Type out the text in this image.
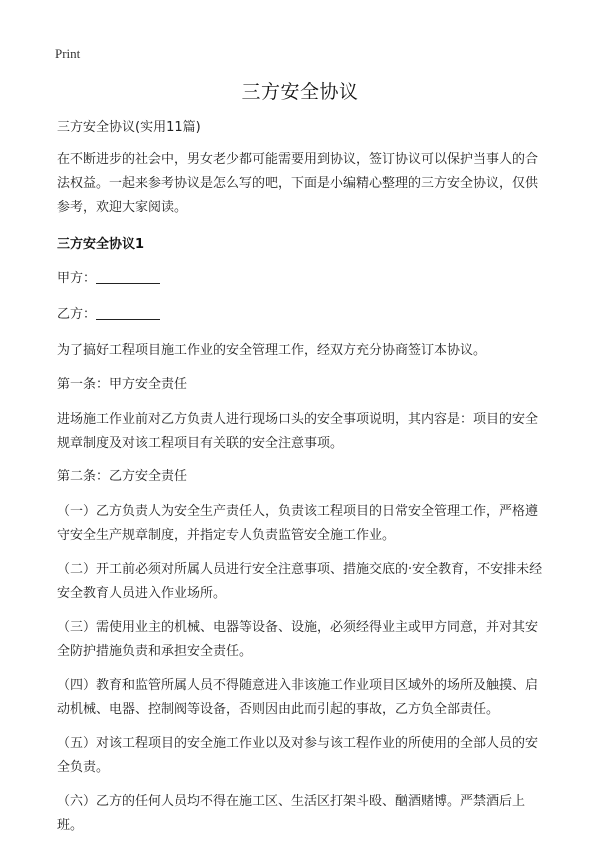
Print
三方安全协议

三方安全协议(实用11篇)

在不断进步的社会中，男女老少都可能需要用到协议，签订协议可以保护当事人的合法权益。一起来参考协议是怎么写的吧，下面是小编精心整理的三方安全协议，仅供参考，欢迎大家阅读。

三方安全协议1

甲方：

乙方：

为了搞好工程项目施工作业的安全管理工作，经双方充分协商签订本协议。

第一条：甲方安全责任

进场施工作业前对乙方负责人进行现场口头的安全事项说明，其内容是：项目的安全规章制度及对该工程项目有关联的安全注意事项。

第二条：乙方安全责任

（一）乙方负责人为安全生产责任人，负责该工程项目的日常安全管理工作，严格遵守安全生产规章制度，并指定专人负责监管安全施工作业。

（二）开工前必须对所属人员进行安全注意事项、措施交底的·安全教育，不安排未经安全教育人员进入作业场所。

（三）需使用业主的机械、电器等设备、设施，必须经得业主或甲方同意，并对其安全防护措施负责和承担安全责任。

（四）教育和监管所属人员不得随意进入非该施工作业项目区域外的场所及触摸、启动机械、电器、控制阀等设备，否则因由此而引起的事故，乙方负全部责任。

（五）对该工程项目的安全施工作业以及对参与该工程作业的所使用的全部人员的安全负责。

（六）乙方的任何人员均不得在施工区、生活区打架斗殴、酗酒赌博。严禁酒后上班。
